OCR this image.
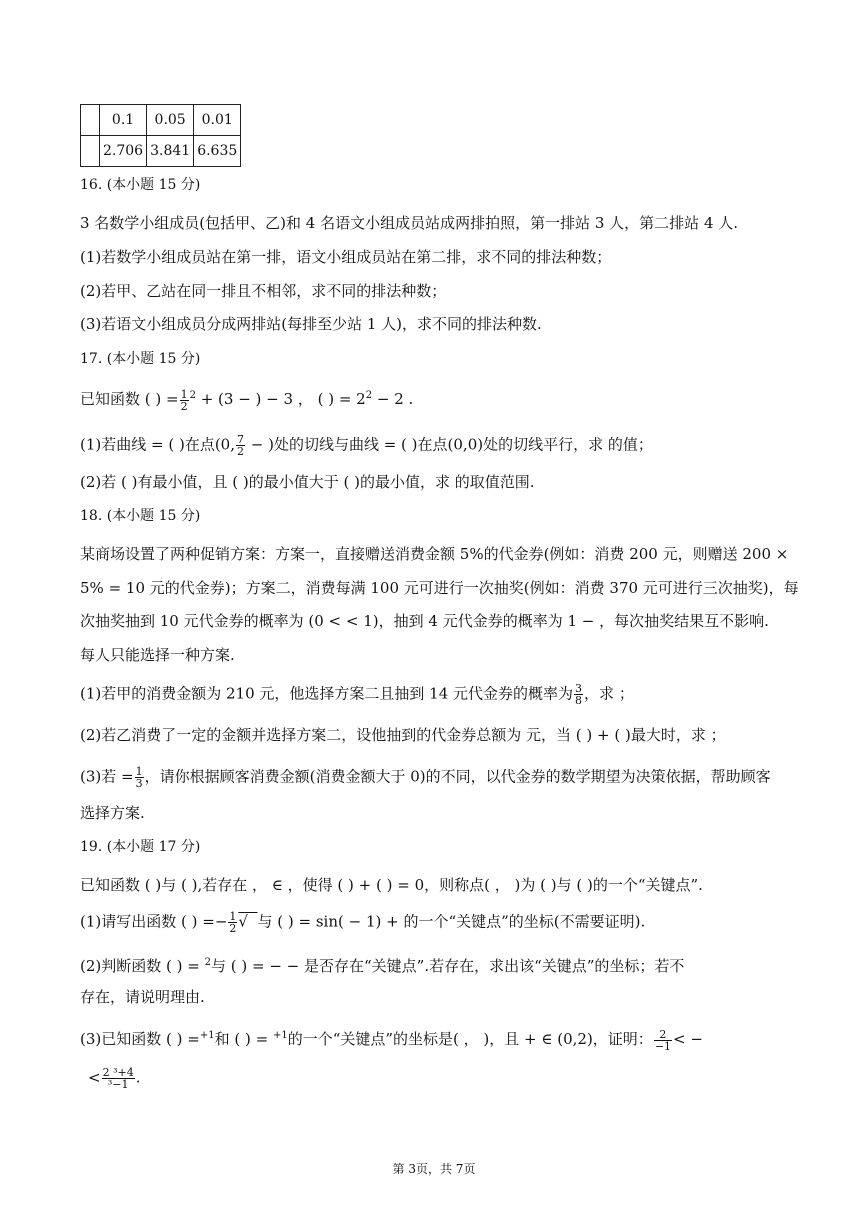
	0.1	0.05	0.01
	2.706	3.841	6.635
16. (本小题 15 分)
3 名数学小组成员(包括甲、乙)和 4 名语文小组成员站成两排拍照，第一排站 3 人，第二排站 4 人.
(1)若数学小组成员站在第一排，语文小组成员站在第二排，求不同的排法种数；
(2)若甲、乙站在同一排且不相邻，求不同的排法种数；
(3)若语文小组成员分成两排站(每排至少站 1 人)，求不同的排法种数.
17. (本小题 15 分)
已知函数 ( ) = $\frac{1}{2} ^2 + (3$ − ) − 3 ， ( ) = $2^2 - 2$ .
(1)若曲线 = ( )在点(0, $\frac{7}{2}$ − )处的切线与曲线 = ( )在点(0,0)处的切线平行，求 的值；
(2)若 ( )有最小值，且 ( )的最小值大于 ( )的最小值，求 的取值范围.
18. (本小题 15 分)
某商场设置了两种促销方案：方案一，直接赠送消费金额 5%的代金券(例如：消费 200 元，则赠送 200 ×
5% = 10 元的代金券)；方案二，消费每满 100 元可进行一次抽奖(例如：消费 370 元可进行三次抽奖)，每
次抽奖抽到 10 元代金券的概率为 (0 < < 1)，抽到 4 元代金券的概率为 1 − ，每次抽奖结果互不影响.
每人只能选择一种方案.
(1)若甲的消费金额为 210 元，他选择方案二且抽到 14 元代金券的概率为 $\frac{3}{8}$ ，求 ；
(2)若乙消费了一定的金额并选择方案二，设他抽到的代金券总额为 元，当 ( ) + ( )最大时，求 ；
(3)若 = $\frac{1}{3}$ ，请你根据顾客消费金额(消费金额大于 0)的不同，以代金券的数学期望为决策依据，帮助顾客
选择方案.
19. (本小题 17 分)
已知函数 ( )与 ( ),若存在 ， ∈ ，使得 ( ) + ( ) = 0，则称点( ， )为 ( )与 ( )的一个“关键点”.
(1)请写出函数 ( ) =− $\frac{1}{2}$ √  与 ( ) = sin( − 1) + 的一个“关键点”的坐标(不需要证明).
(2)判断函数 ( ) = $^2$与 ( ) = − − 是否存在“关键点”.若存在，求出该“关键点”的坐标；若不
存在，请说明理由.
(3)已知函数 ( ) =$^{+1}$和 ( ) = $^{+1}$的一个“关键点”的坐标是( ， )，且 + ∈ (0,2)，证明： $\frac{2}{-1}$ < −
< $\frac{\text{2 ³+4}}{\text{³−1}}$ .
第 3页，共 7页
